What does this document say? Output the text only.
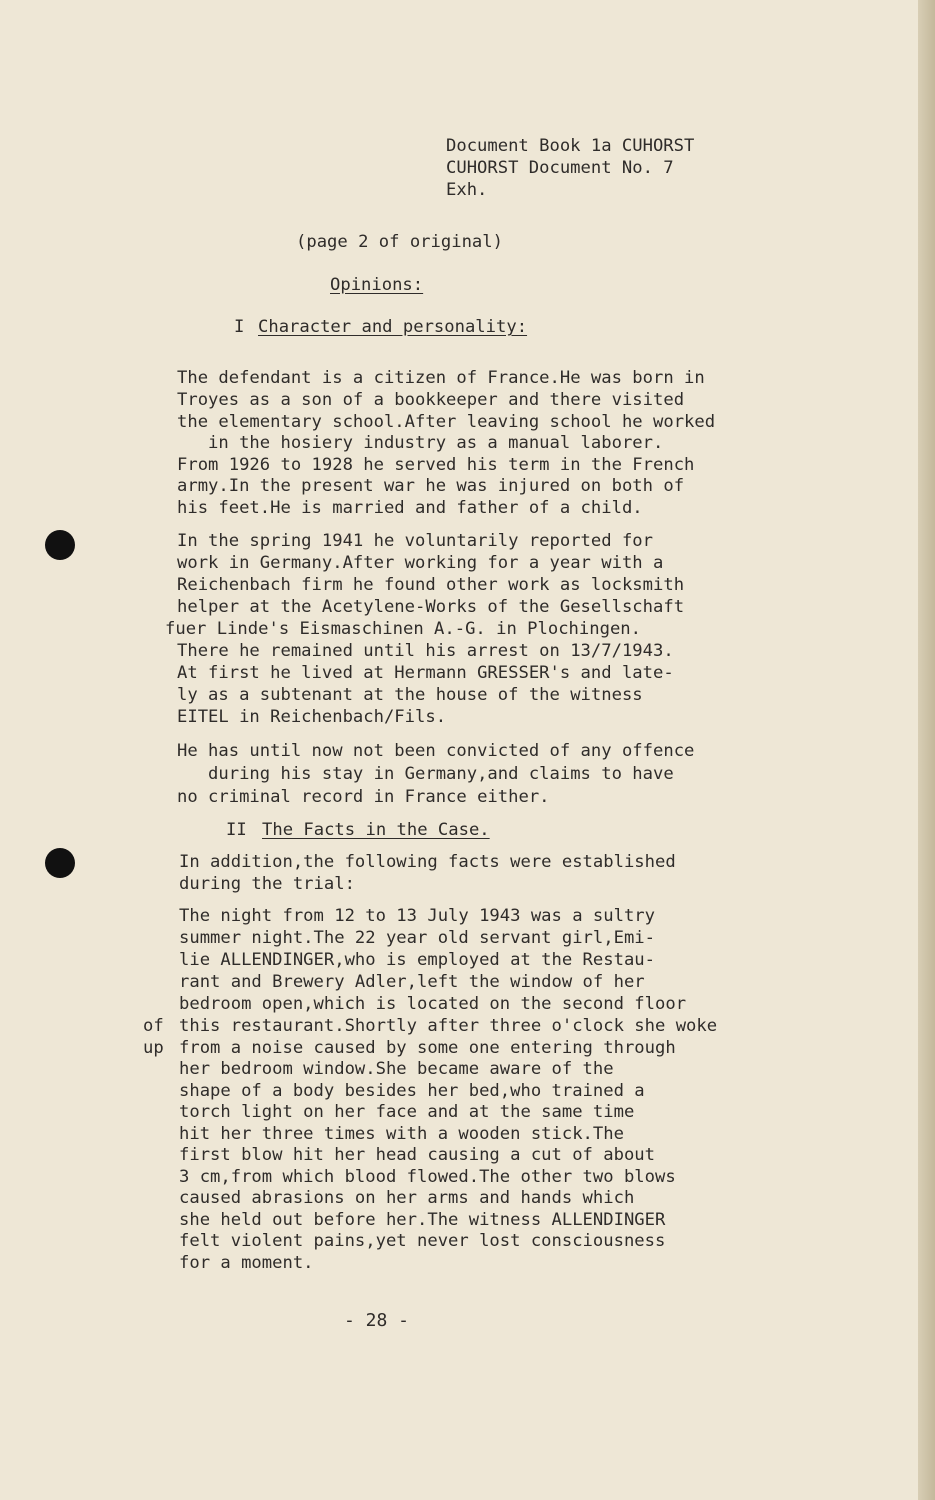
Document Book 1a CUHORST
CUHORST Document No. 7
Exh.
(page 2 of original)
Opinions:
I Character and personality:
The defendant is a citizen of France.He was born in
Troyes as a son of a bookkeeper and there visited
the elementary school.After leaving school he worked
in the hosiery industry as a manual laborer.
From 1926 to 1928 he served his term in the French
army.In the present war he was injured on both of
his feet.He is married and father of a child.
In the spring 1941 he voluntarily reported for
work in Germany.After working for a year with a
Reichenbach firm he found other work as locksmith
helper at the Acetylene-Works of the Gesellschaft
fuer Linde's Eismaschinen A.-G. in Plochingen.
There he remained until his arrest on 13/7/1943.
At first he lived at Hermann GRESSER's and late-
ly as a subtenant at the house of the witness
EITEL in Reichenbach/Fils.
He has until now not been convicted of any offence
during his stay in Germany,and claims to have
no criminal record in France either.
II The Facts in the Case.
In addition,the following facts were established
during the trial:
The night from 12 to 13 July 1943 was a sultry
summer night.The 22 year old servant girl,Emi-
lie ALLENDINGER,who is employed at the Restau-
rant and Brewery Adler,left the window of her
bedroom open,which is located on the second floor
of this restaurant.Shortly after three o'clock she woke
up from a noise caused by some one entering through
her bedroom window.She became aware of the
shape of a body besides her bed,who trained a
torch light on her face and at the same time
hit her three times with a wooden stick.The
first blow hit her head causing a cut of about
3 cm,from which blood flowed.The other two blows
caused abrasions on her arms and hands which
she held out before her.The witness ALLENDINGER
felt violent pains,yet never lost consciousness
for a moment.
- 28 -
